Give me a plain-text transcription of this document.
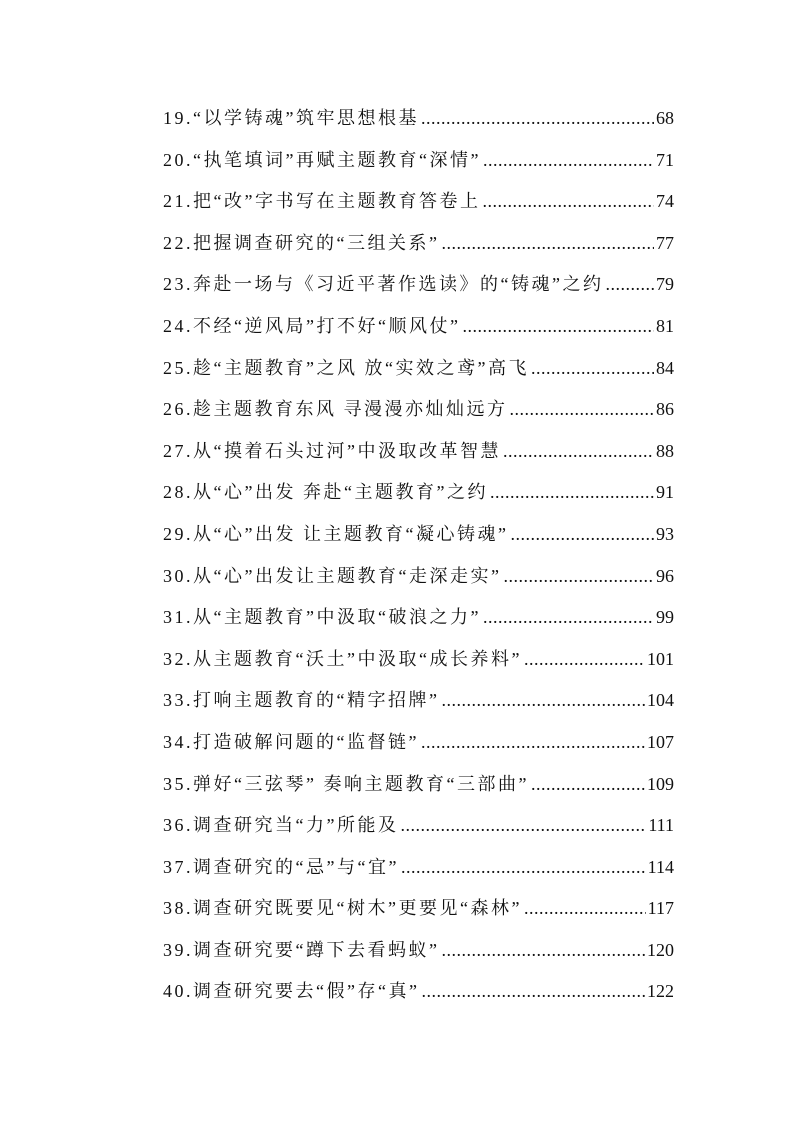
19.“以学铸魂”筑牢思想根基 .....	68
20.“执笔填词”再赋主题教育“深情” .....	71
21.把“改”字书写在主题教育答卷上 .....	74
22.把握调查研究的“三组关系” .....	77
23.奔赴一场与《习近平著作选读》的“铸魂”之约 .....	79
24.不经“逆风局”打不好“顺风仗” .....	81
25.趁“主题教育”之风 放“实效之鸢”高飞 .....	84
26.趁主题教育东风 寻漫漫亦灿灿远方 .....	86
27.从“摸着石头过河”中汲取改革智慧 .....	88
28.从“心”出发 奔赴“主题教育”之约 .....	91
29.从“心”出发 让主题教育“凝心铸魂” .....	93
30.从“心”出发让主题教育“走深走实” .....	96
31.从“主题教育”中汲取“破浪之力” .....	99
32.从主题教育“沃土”中汲取“成长养料” .....	101
33.打响主题教育的“精字招牌” .....	104
34.打造破解问题的“监督链” .....	107
35.弹好“三弦琴” 奏响主题教育“三部曲” .....	109
36.调查研究当“力”所能及 .....	111
37.调查研究的“忌”与“宜” .....	114
38.调查研究既要见“树木”更要见“森林” .....	117
39.调查研究要“蹲下去看蚂蚁” .....	120
40.调查研究要去“假”存“真” .....	122
